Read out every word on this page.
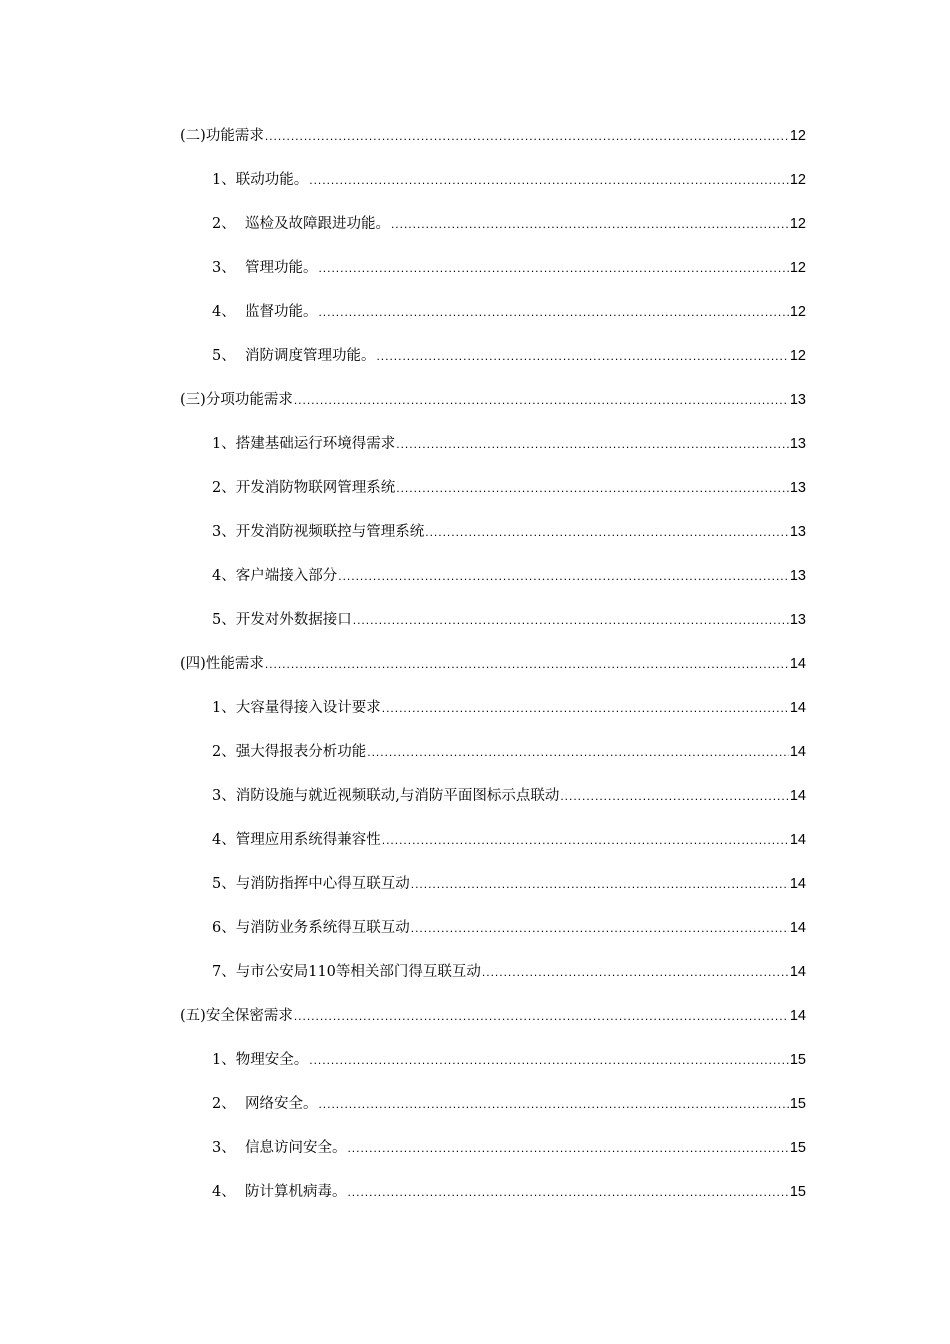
(二)功能需求 .....	12
1、联动功能。 .....	12
2、  巡检及故障跟进功能。 .....	12
3、  管理功能。 .....	12
4、  监督功能。 .....	12
5、  消防调度管理功能。 .....	12
(三)分项功能需求 .....	13
1、搭建基础运行环境得需求 .....	13
2、开发消防物联网管理系统 .....	13
3、开发消防视频联控与管理系统 .....	13
4、客户端接入部分 .....	13
5、开发对外数据接口 .....	13
(四)性能需求 .....	14
1、大容量得接入设计要求 .....	14
2、强大得报表分析功能 .....	14
3、消防设施与就近视频联动,与消防平面图标示点联动 .....	14
4、管理应用系统得兼容性 .....	14
5、与消防指挥中心得互联互动 .....	14
6、与消防业务系统得互联互动 .....	14
7、与市公安局110等相关部门得互联互动 .....	14
(五)安全保密需求 .....	14
1、物理安全。 .....	15
2、  网络安全。 .....	15
3、  信息访问安全。 .....	15
4、  防计算机病毒。 .....	15
